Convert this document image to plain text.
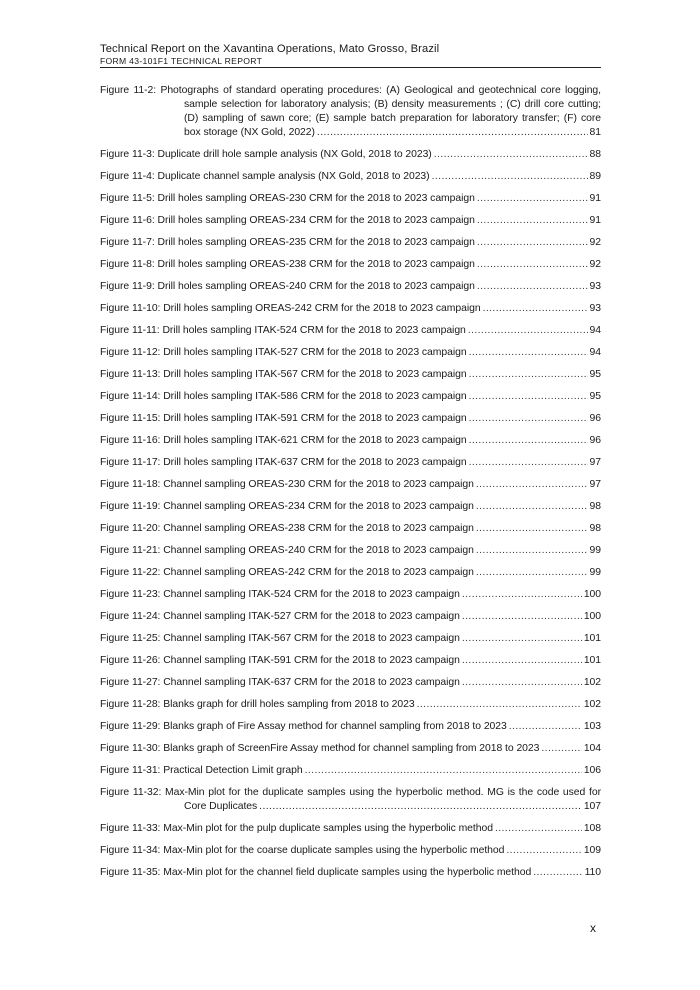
Technical Report on the Xavantina Operations, Mato Grosso, Brazil
FORM 43-101F1 TECHNICAL REPORT
Figure 11-2: Photographs of standard operating procedures: (A) Geological and geotechnical core logging,
sample selection for laboratory analysis; (B) density measurements ; (C) drill core cutting;
(D) sampling of sawn core; (E) sample batch preparation for laboratory transfer; (F) core
box storage (NX Gold, 2022) .....	81
Figure 11-3: Duplicate drill hole sample analysis (NX Gold, 2018 to 2023) .....	88
Figure 11-4: Duplicate channel sample analysis (NX Gold, 2018 to 2023) .....	89
Figure 11-5: Drill holes sampling OREAS-230 CRM for the 2018 to 2023 campaign .....	91
Figure 11-6: Drill holes sampling OREAS-234 CRM for the 2018 to 2023 campaign .....	91
Figure 11-7: Drill holes sampling OREAS-235 CRM for the 2018 to 2023 campaign .....	92
Figure 11-8: Drill holes sampling OREAS-238 CRM for the 2018 to 2023 campaign .....	92
Figure 11-9: Drill holes sampling OREAS-240 CRM for the 2018 to 2023 campaign .....	93
Figure 11-10: Drill holes sampling OREAS-242 CRM for the 2018 to 2023 campaign .....	93
Figure 11-11: Drill holes sampling ITAK-524 CRM for the 2018 to 2023 campaign .....	94
Figure 11-12: Drill holes sampling ITAK-527 CRM for the 2018 to 2023 campaign .....	94
Figure 11-13: Drill holes sampling ITAK-567 CRM for the 2018 to 2023 campaign .....	95
Figure 11-14: Drill holes sampling ITAK-586 CRM for the 2018 to 2023 campaign .....	95
Figure 11-15: Drill holes sampling ITAK-591 CRM for the 2018 to 2023 campaign .....	96
Figure 11-16: Drill holes sampling ITAK-621 CRM for the 2018 to 2023 campaign .....	96
Figure 11-17: Drill holes sampling ITAK-637 CRM for the 2018 to 2023 campaign .....	97
Figure 11-18: Channel sampling OREAS-230 CRM for the 2018 to 2023 campaign .....	97
Figure 11-19: Channel sampling OREAS-234 CRM for the 2018 to 2023 campaign .....	98
Figure 11-20: Channel sampling OREAS-238 CRM for the 2018 to 2023 campaign .....	98
Figure 11-21: Channel sampling OREAS-240 CRM for the 2018 to 2023 campaign .....	99
Figure 11-22: Channel sampling OREAS-242 CRM for the 2018 to 2023 campaign .....	99
Figure 11-23: Channel sampling ITAK-524 CRM for the 2018 to 2023 campaign .....	100
Figure 11-24: Channel sampling ITAK-527 CRM for the 2018 to 2023 campaign .....	100
Figure 11-25: Channel sampling ITAK-567 CRM for the 2018 to 2023 campaign .....	101
Figure 11-26: Channel sampling ITAK-591 CRM for the 2018 to 2023 campaign .....	101
Figure 11-27: Channel sampling ITAK-637 CRM for the 2018 to 2023 campaign .....	102
Figure 11-28: Blanks graph for drill holes sampling from 2018 to 2023 .....	102
Figure 11-29: Blanks graph of Fire Assay method for channel sampling from 2018 to 2023 .....	103
Figure 11-30: Blanks graph of ScreenFire Assay method for channel sampling from 2018 to 2023 .....	104
Figure 11-31: Practical Detection Limit graph .....	106
Figure 11-32: Max-Min plot for the duplicate samples using the hyperbolic method. MG is the code used for
Core Duplicates .....	107
Figure 11-33: Max-Min plot for the pulp duplicate samples using the hyperbolic method .....	108
Figure 11-34: Max-Min plot for the coarse duplicate samples using the hyperbolic method .....	109
Figure 11-35: Max-Min plot for the channel field duplicate samples using the hyperbolic method .....	110
x
